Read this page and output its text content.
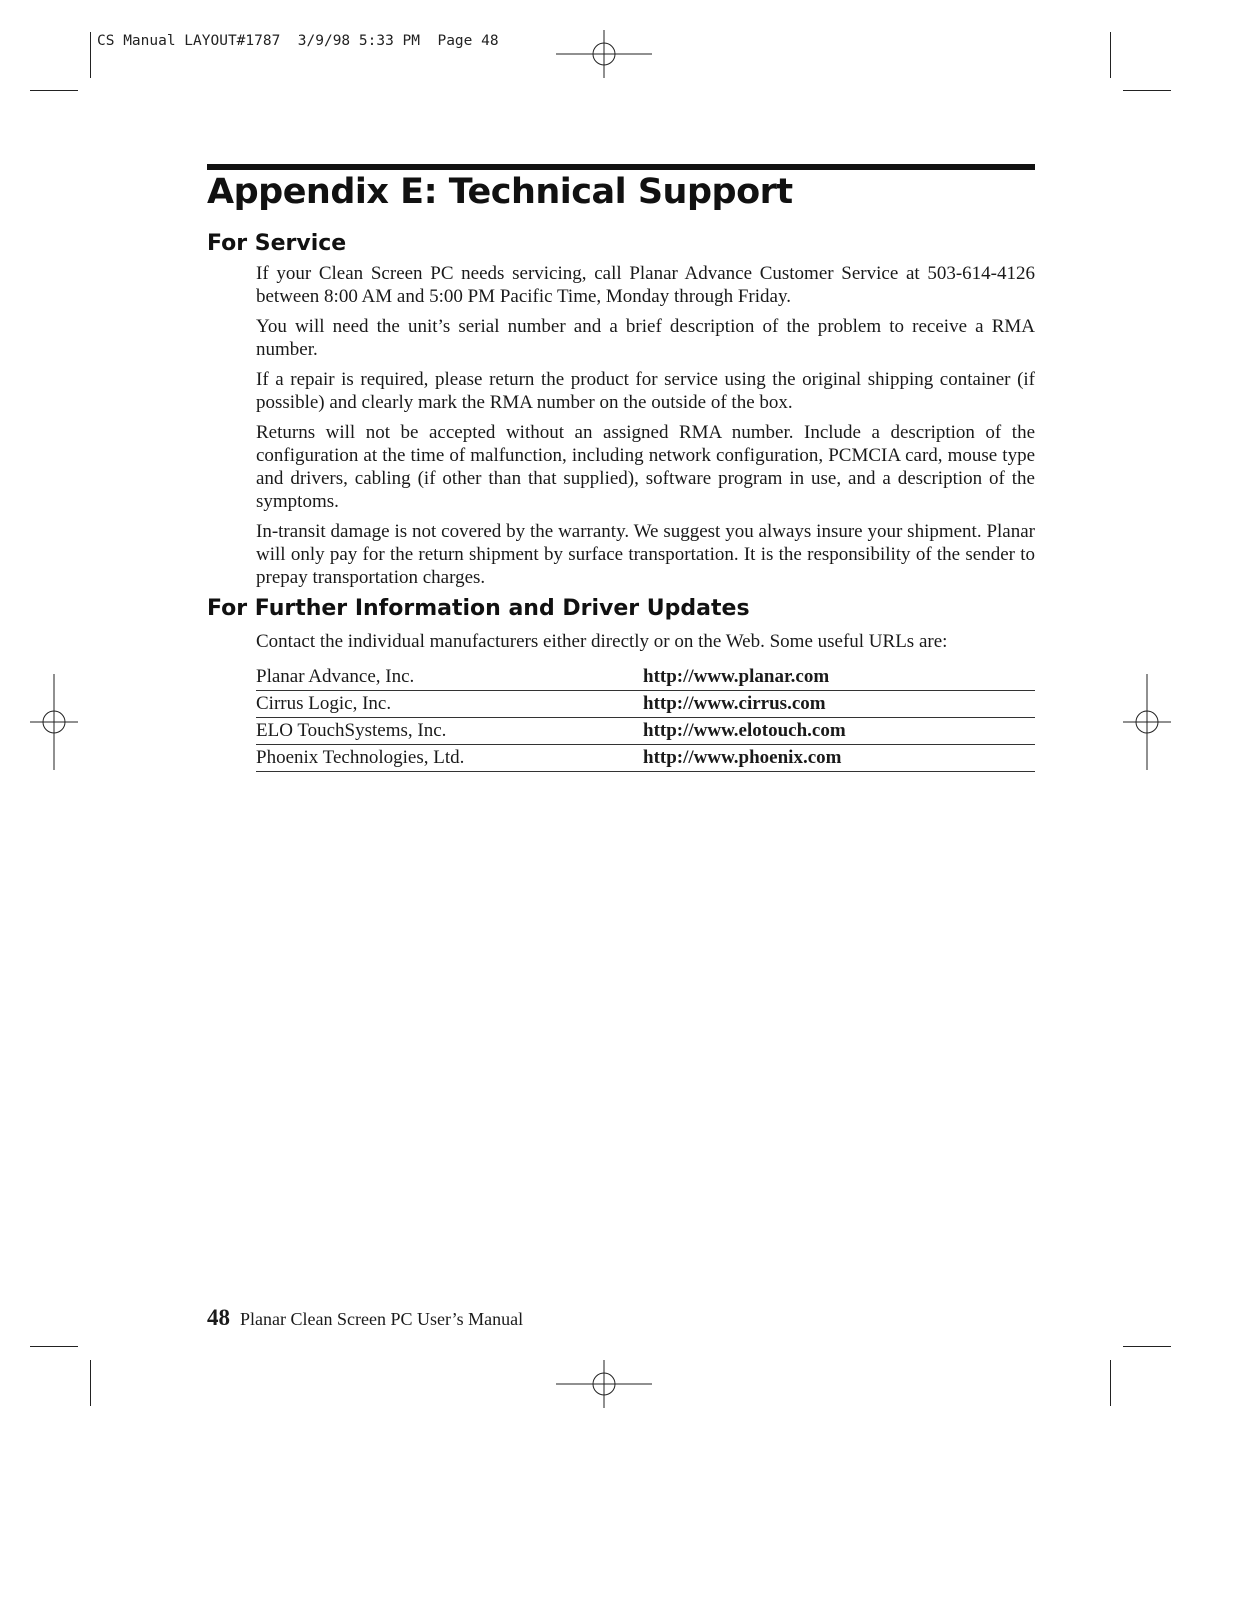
CS Manual LAYOUT#1787  3/9/98 5:33 PM  Page 48
Appendix E: Technical Support
For Service

If your Clean Screen PC needs servicing, call Planar Advance Customer Service at 503-614-4126 between 8:00 AM and 5:00 PM Pacific Time, Monday through Friday.

You will need the unit’s serial number and a brief description of the problem to receive a RMA number.

If a repair is required, please return the product for service using the original shipping container (if possible) and clearly mark the RMA number on the outside of the box.

Returns will not be accepted without an assigned RMA number. Include a description of the configuration at the time of malfunction, including network configuration, PCMCIA card, mouse type and drivers, cabling (if other than that supplied), software program in use, and a description of the symptoms.

In-transit damage is not covered by the warranty. We suggest you always insure your shipment. Planar will only pay for the return shipment by surface transportation. It is the responsibility of the sender to prepay transportation charges.

For Further Information and Driver Updates

Contact the individual manufacturers either directly or on the Web. Some useful URLs are:

Planar Advance, Inc.	http://www.planar.com
Cirrus Logic, Inc.	http://www.cirrus.com
ELO TouchSystems, Inc.	http://www.elotouch.com
Phoenix Technologies, Ltd.	http://www.phoenix.com
48 Planar Clean Screen PC User’s Manual
